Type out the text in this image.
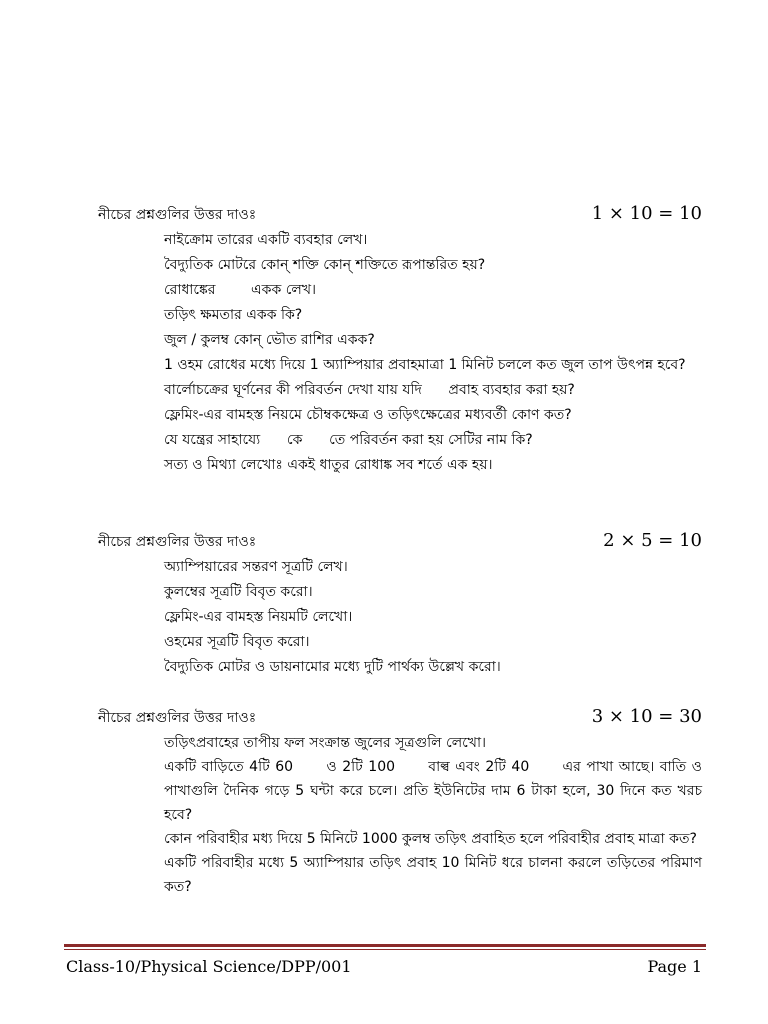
নীচের প্রশ্নগুলির উত্তর দাওঃ	1 × 10 = 10
নাইক্রোম তারের একটি ব্যবহার লেখ।
বৈদ্যুতিক মোটরে কোন্ শক্তি কোন্ শক্তিতে রূপান্তরিত হয়?
রোধাঙ্কের        একক লেখ।
তড়িৎ ক্ষমতার একক কি?
জুল / কুলম্ব কোন্ ভৌত রাশির একক?
1 ওহম রোধের মধ্যে দিয়ে 1 অ্যাম্পিয়ার প্রবাহমাত্রা 1 মিনিট চললে কত জুল তাপ উৎপন্ন হবে?
বার্লোচক্রের ঘূর্ণনের কী পরিবর্তন দেখা যায় যদি      প্রবাহ ব্যবহার করা হয়?
ফ্লেমিং-এর বামহস্ত নিয়মে চৌম্বকক্ষেত্র ও তড়িৎক্ষেত্রের মধ্যবর্তী কোণ কত?
যে যন্ত্রের সাহায্যে      কে      তে পরিবর্তন করা হয় সেটির নাম কি?
সত্য ও মিথ্যা লেখোঃ একই ধাতুর রোধাঙ্ক সব শর্তে এক হয়।
নীচের প্রশ্নগুলির উত্তর দাওঃ	2 × 5 = 10
অ্যাম্পিয়ারের সন্তরণ সূত্রটি লেখ।
কুলম্বের সূত্রটি বিবৃত করো।
ফ্লেমিং-এর বামহস্ত নিয়মটি লেখো।
ওহমের সূত্রটি বিবৃত করো।
বৈদ্যুতিক মোটর ও ডায়নামোর মধ্যে দুটি পার্থক্য উল্লেখ করো।
নীচের প্রশ্নগুলির উত্তর দাওঃ	3 × 10 = 30
তড়িৎপ্রবাহের তাপীয় ফল সংক্রান্ত জুলের সূত্রগুলি লেখো।
একটি বাড়িতে 4টি 60      ও 2টি 100      বাল্ব এবং 2টি 40      এর পাখা আছে। বাতি ও পাখাগুলি দৈনিক গড়ে 5 ঘন্টা করে চলে। প্রতি ইউনিটের দাম 6 টাকা হলে, 30 দিনে কত খরচ হবে?
কোন পরিবাহীর মধ্য দিয়ে 5 মিনিটে 1000 কুলম্ব তড়িৎ প্রবাহিত হলে পরিবাহীর প্রবাহ মাত্রা কত?
একটি পরিবাহীর মধ্যে 5 অ্যাম্পিয়ার তড়িৎ প্রবাহ 10 মিনিট ধরে চালনা করলে তড়িতের পরিমাণ কত?
Class-10/Physical Science/DPP/001	Page 1
